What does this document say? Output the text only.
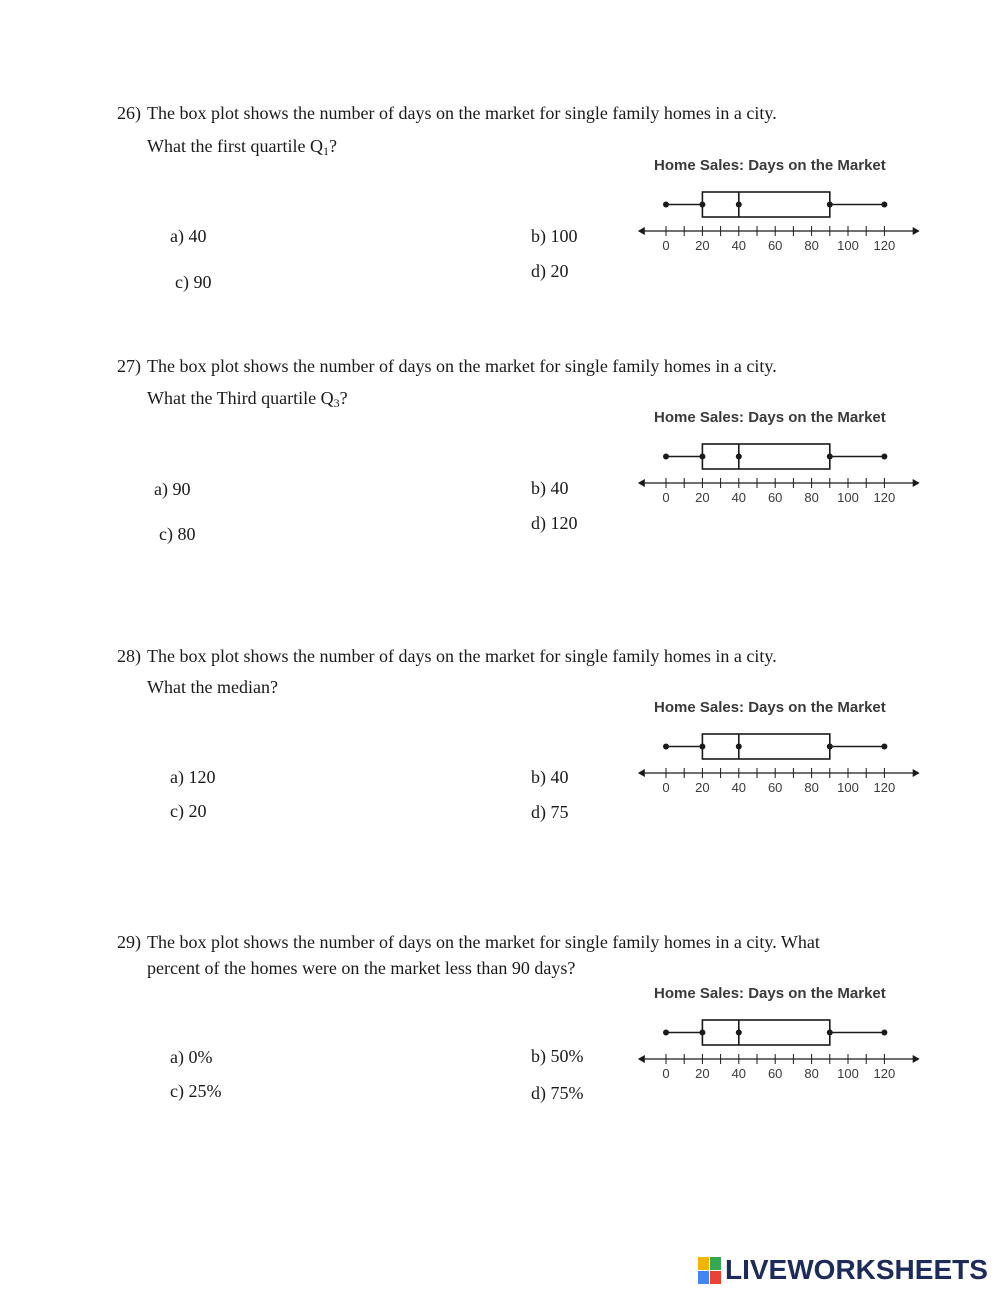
26) The box plot shows the number of days on the market for single family homes in a city.
What the first quartile $Q_1$?
a) 40	b) 100
c) 90
d) 20
Home Sales: Days on the Market
0 20 40 60 80 100 120
27) The box plot shows the number of days on the market for single family homes in a city.
What the Third quartile $Q_3$?
a) 90	b) 40
c) 80
d) 120
Home Sales: Days on the Market
0 20 40 60 80 100 120
28) The box plot shows the number of days on the market for single family homes in a city.
What the median?
a) 120	b) 40
c) 20	d) 75
Home Sales: Days on the Market
0 20 40 60 80 100 120
29) The box plot shows the number of days on the market for single family homes in a city. What
percent of the homes were on the market less than 90 days?
a) 0%	b) 50%
c) 25%	d) 75%
Home Sales: Days on the Market
0 20 40 60 80 100 120
LIVEWORKSHEETS
